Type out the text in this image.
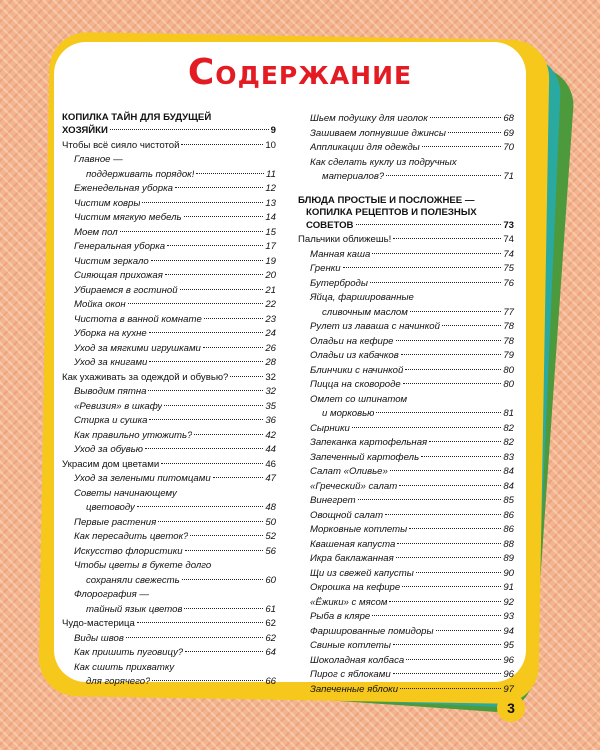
Содержание
КОПИЛКА ТАЙН ДЛЯ БУДУЩЕЙ
ХОЗЯЙКИ	9
Чтобы всё сияло чистотой	10
Главное —
поддерживать порядок!	11
Еженедельная уборка	12
Чистим ковры	13
Чистим мягкую мебель	14
Моем пол	15
Генеральная уборка	17
Чистим зеркало	19
Сияющая прихожая	20
Убираемся в гостиной	21
Мойка окон	22
Чистота в ванной комнате	23
Уборка на кухне	24
Уход за мягкими игрушками	26
Уход за книгами	28
Как ухаживать за одеждой и обувью?	32
Выводим пятна	32
«Ревизия» в шкафу	35
Стирка и сушка	36
Как правильно утюжить?	42
Уход за обувью	44
Украсим дом цветами	46
Уход за зелеными питомцами	47
Советы начинающему
цветоводу	48
Первые растения	50
Как пересадить цветок?	52
Искусство флористики	56
Чтобы цветы в букете долго
сохраняли свежесть	60
Флорография —
тайный язык цветов	61
Чудо-мастерица	62
Виды швов	62
Как пришить пуговицу?	64
Как сшить прихватку
для горячего?	66
Шьем подушку для иголок	68
Зашиваем лопнувшие джинсы	69
Аппликации для одежды	70
Как сделать куклу из подручных
материалов?	71
БЛЮДА ПРОСТЫЕ И ПОСЛОЖНЕЕ —
КОПИЛКА РЕЦЕПТОВ И ПОЛЕЗНЫХ
СОВЕТОВ	73
Пальчики оближешь!	74
Манная каша	74
Гренки	75
Бутерброды	76
Яйца, фаршированные
сливочным маслом	77
Рулет из лаваша с начинкой	78
Оладьи на кефире	78
Оладьи из кабачков	79
Блинчики с начинкой	80
Пицца на сковороде	80
Омлет со шпинатом
и морковью	81
Сырники	82
Запеканка картофельная	82
Запеченный картофель	83
Салат «Оливье»	84
«Греческий» салат	84
Винегрет	85
Овощной салат	86
Морковные котлеты	86
Квашеная капуста	88
Икра баклажанная	89
Щи из свежей капусты	90
Окрошка на кефире	91
«Ёжики» с мясом	92
Рыба в кляре	93
Фаршированные помидоры	94
Свиные котлеты	95
Шоколадная колбаса	96
Пирог с яблоками	96
Запеченные яблоки	97
3
